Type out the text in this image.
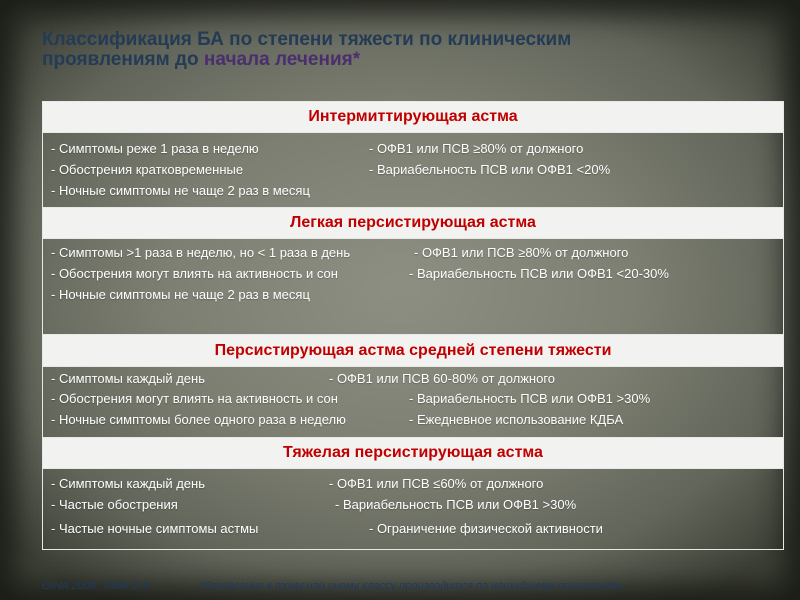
Классификация БА по степени тяжести по клиническим
проявлениям до начала лечения*
Интермиттирующая астма
- Симптомы реже 1 раза в неделю
- Обострения кратковременные
- Ночные симптомы не чаще 2 раз в месяц
- ОФВ1 или ПСВ ≥80% от должного
- Вариабельность ПСВ или ОФВ1 <20%
Легкая персистирующая астма
- Симптомы >1 раза в неделю, но < 1 раза в день
- Обострения могут влиять на активность и сон
- Ночные симптомы не чаще 2 раз в месяц
- ОФВ1 или ПСВ ≥80% от должного
- Вариабельность ПСВ или ОФВ1 <20-30%
Персистирующая астма средней степени тяжести
- Симптомы каждый день
- Обострения могут влиять на активность и сон
- Ночные симптомы более одного раза в неделю
- ОФВ1 или ПСВ 60-80% от должного
- Вариабельность ПСВ или ОФВ1 >30%
- Ежедневное использование КДБА
Тяжелая персистирующая астма
- Симптомы каждый день
- Частые обострения
- Частые ночные симптомы астмы
- ОФВ1 или ПСВ ≤60% от должного
- Вариабельность ПСВ или ОФВ1 >30%
- Ограничение физической активности
GINA 2008; Table 2-4.	*Отнесение к тому или иному классу производится по наихудшему показателю
